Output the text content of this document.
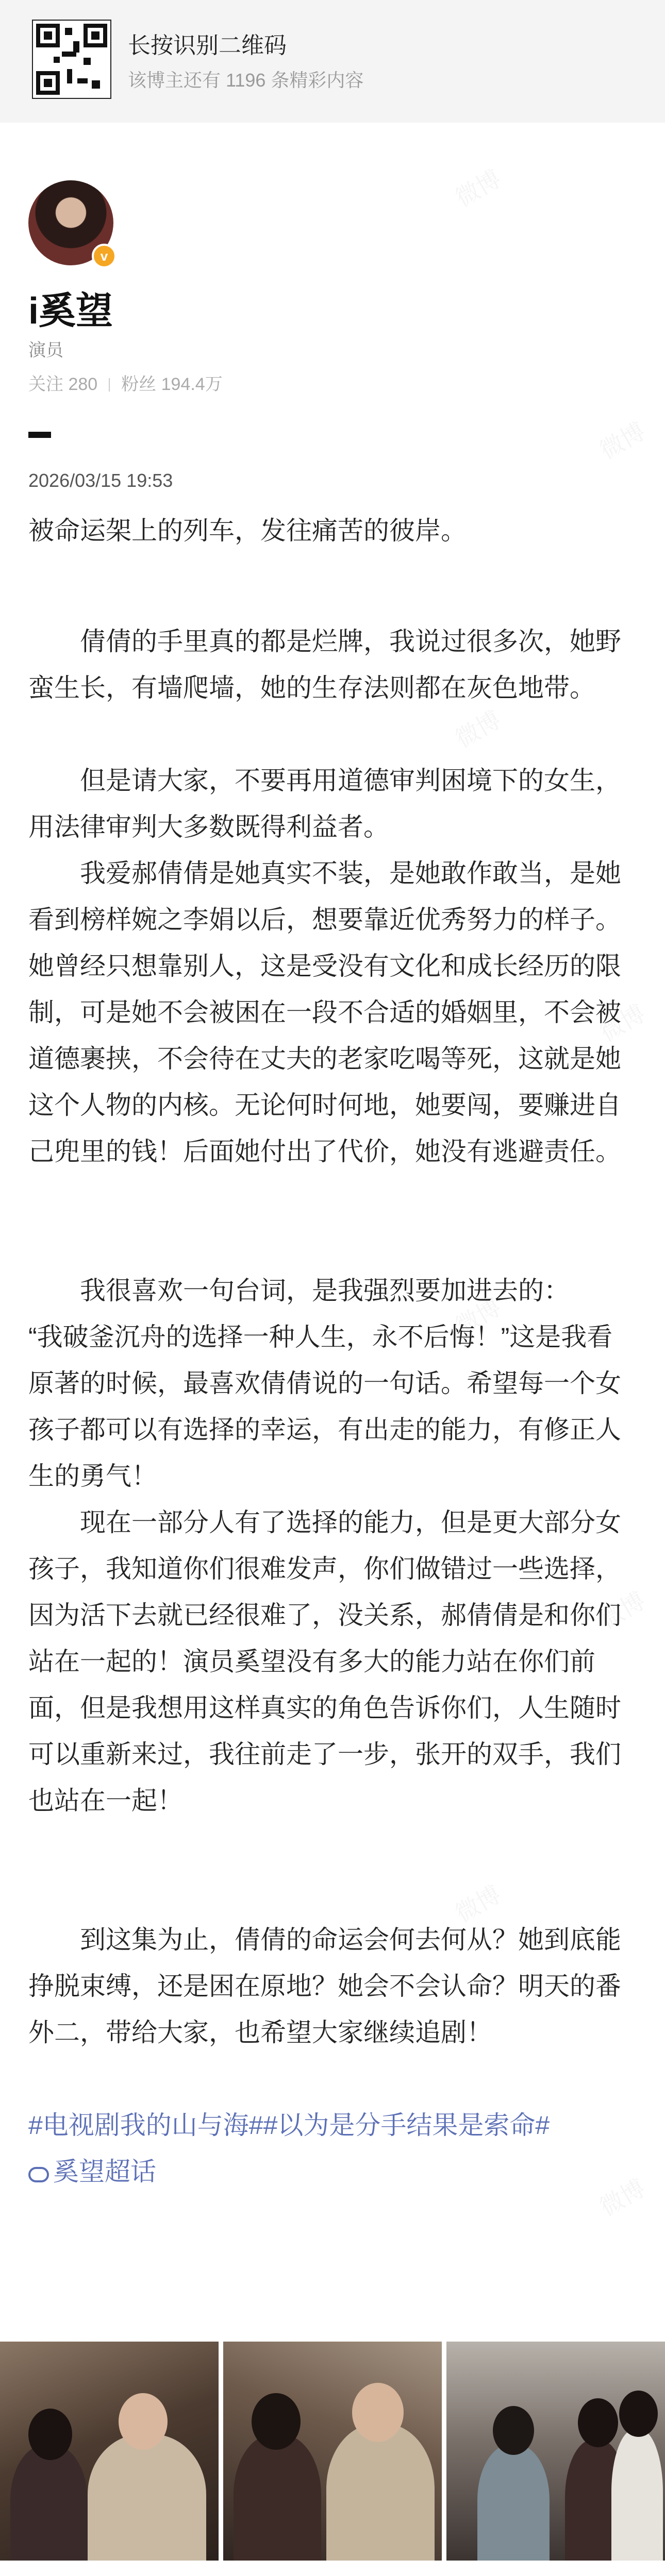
长按识别二维码
该博主还有 1196 条精彩内容
v
i奚望
演员
关注 280 粉丝 194.4万
2026/03/15 19:53

被命运架上的列车，发往痛苦的彼岸。

倩倩的手里真的都是烂牌，我说过很多次，她野蛮生长，有墙爬墙，她的生存法则都在灰色地带。

但是请大家，不要再用道德审判困境下的女生，用法律审判大多数既得利益者。

我爱郝倩倩是她真实不装，是她敢作敢当，是她看到榜样婉之李娟以后，想要靠近优秀努力的样子。她曾经只想靠别人，这是受没有文化和成长经历的限制，可是她不会被困在一段不合适的婚姻里，不会被道德裹挟，不会待在丈夫的老家吃喝等死，这就是她这个人物的内核。无论何时何地，她要闯，要赚进自己兜里的钱！后面她付出了代价，她没有逃避责任。

我很喜欢一句台词，是我强烈要加进去的：

“我破釜沉舟的选择一种人生，永不后悔！”这是我看原著的时候，最喜欢倩倩说的一句话。希望每一个女孩子都可以有选择的幸运，有出走的能力，有修正人生的勇气！

现在一部分人有了选择的能力，但是更大部分女孩子，我知道你们很难发声，你们做错过一些选择，因为活下去就已经很难了，没关系，郝倩倩是和你们站在一起的！演员奚望没有多大的能力站在你们前面，但是我想用这样真实的角色告诉你们，人生随时可以重新来过，我往前走了一步，张开的双手，我们也站在一起！

到这集为止，倩倩的命运会何去何从？她到底能挣脱束缚，还是困在原地？她会不会认命？明天的番外二，带给大家，也希望大家继续追剧！

#电视剧我的山与海##以为是分手结果是索命#

奚望超话
